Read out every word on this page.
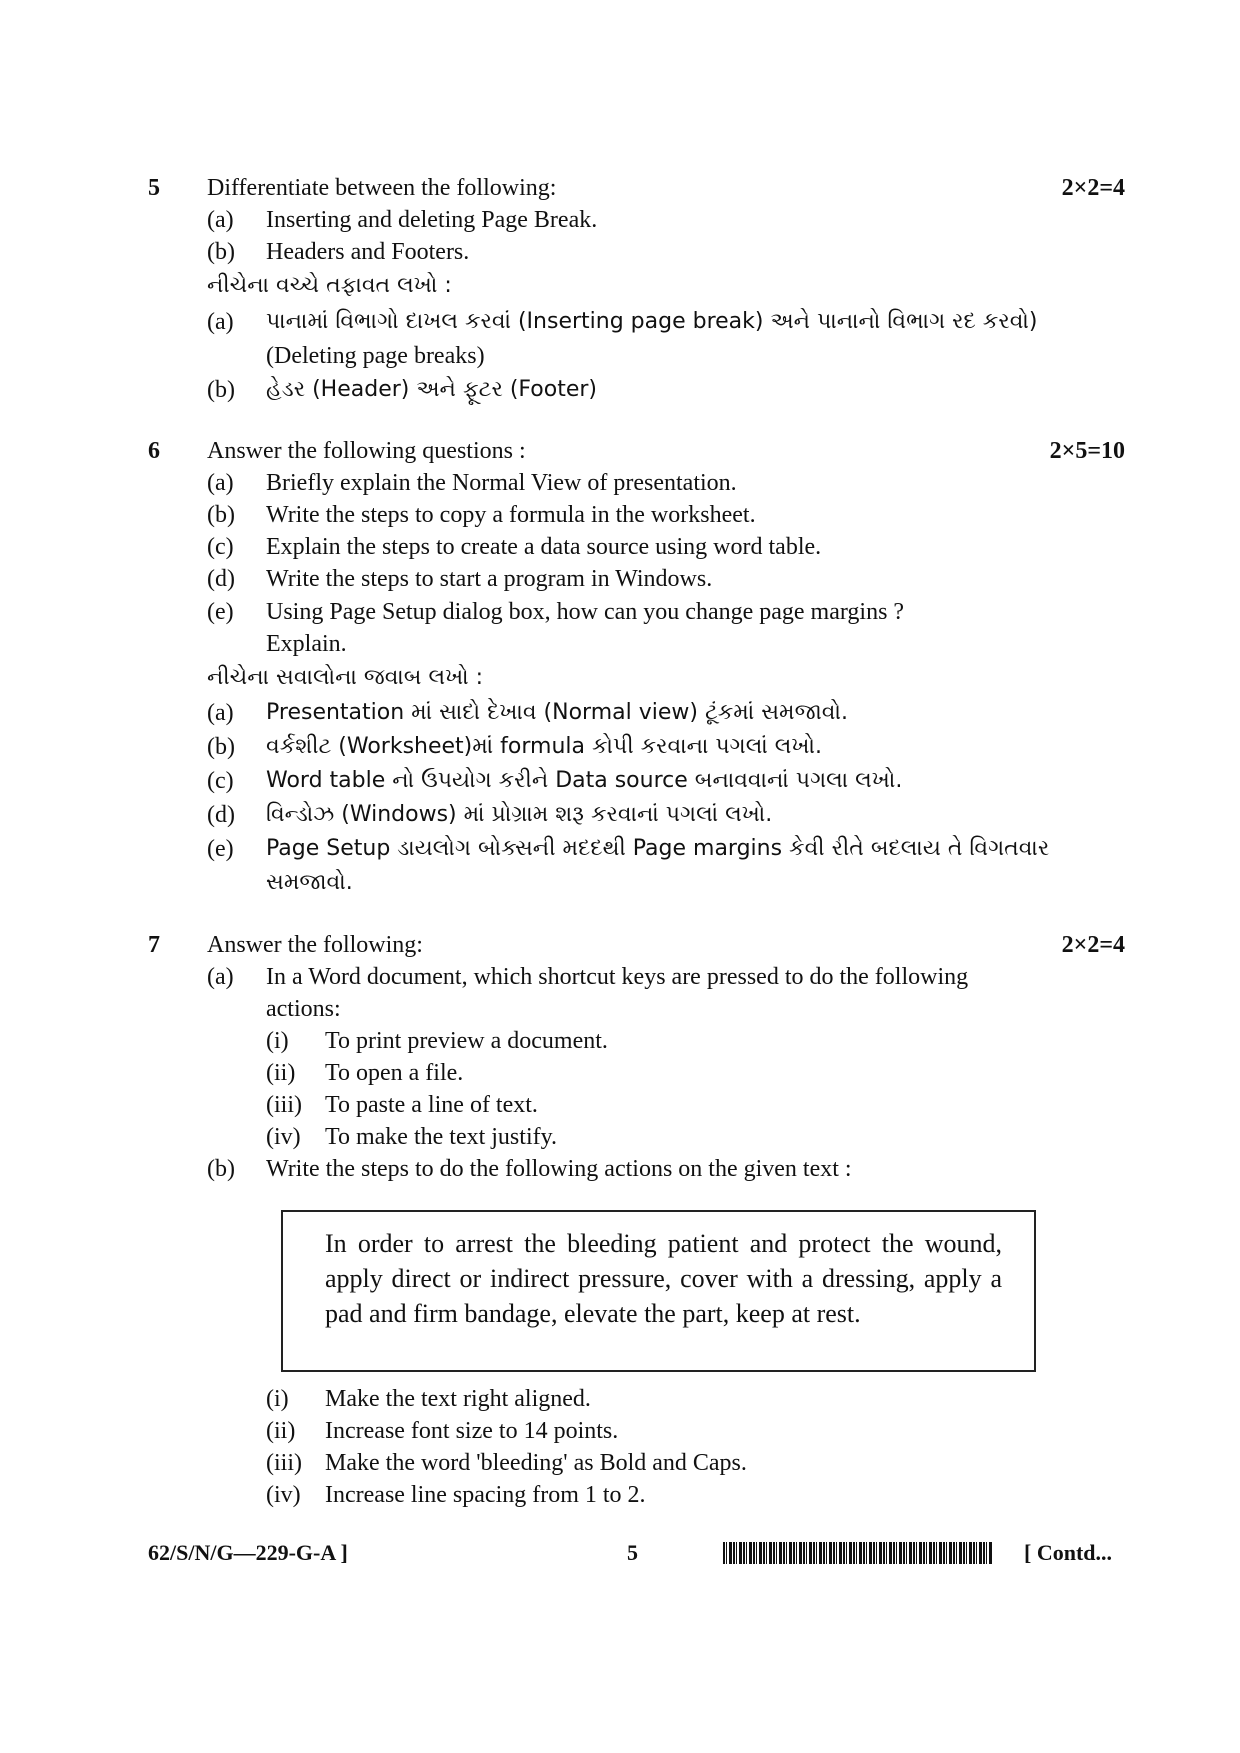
5 Differentiate between the following:	2×2=4
(a) Inserting and deleting Page Break.
(b) Headers and Footers.
નીચેના વચ્ચે તફાવત લખો :
(a) પાનામાં વિભાગો દાખલ કરવાં (Inserting page break) અને પાનાનો વિભાગ રદ કરવો)
(Deleting page breaks)
(b) હેડર (Header) અને ફૂટર (Footer)
6 Answer the following questions :	2×5=10
(a) Briefly explain the Normal View of presentation.
(b) Write the steps to copy a formula in the worksheet.
(c) Explain the steps to create a data source using word table.
(d) Write the steps to start a program in Windows.
(e) Using Page Setup dialog box, how can you change page margins ?
Explain.
નીચેના સવાલોના જવાબ લખો :
(a) Presentation માં સાદો દેખાવ (Normal view) ટૂંકમાં સમજાવો.
(b) વર્કશીટ (Worksheet)માં formula કોપી કરવાના પગલાં લખો.
(c) Word table નો ઉપયોગ કરીને Data source બનાવવાનાં પગલા લખો.
(d) વિન્ડોઝ (Windows) માં પ્રોગ્રામ શરૂ કરવાનાં પગલાં લખો.
(e) Page Setup ડાયલોગ બોક્સની મદદથી Page margins કેવી રીતે બદલાય તે વિગતવાર
સમજાવો.
7 Answer the following:	2×2=4
(a) In a Word document, which shortcut keys are pressed to do the following
actions:
(i) To print preview a document.
(ii) To open a file.
(iii) To paste a line of text.
(iv) To make the text justify.
(b) Write the steps to do the following actions on the given text :
In order to arrest the bleeding patient and protect the wound, apply direct or indirect pressure, cover with a dressing, apply a pad and firm bandage, elevate the part, keep at rest.
(i) Make the text right aligned.
(ii) Increase font size to 14 points.
(iii) Make the word 'bleeding' as Bold and Caps.
(iv) Increase line spacing from 1 to 2.
62/S/N/G—229-G-A ]	5	[ Contd...
